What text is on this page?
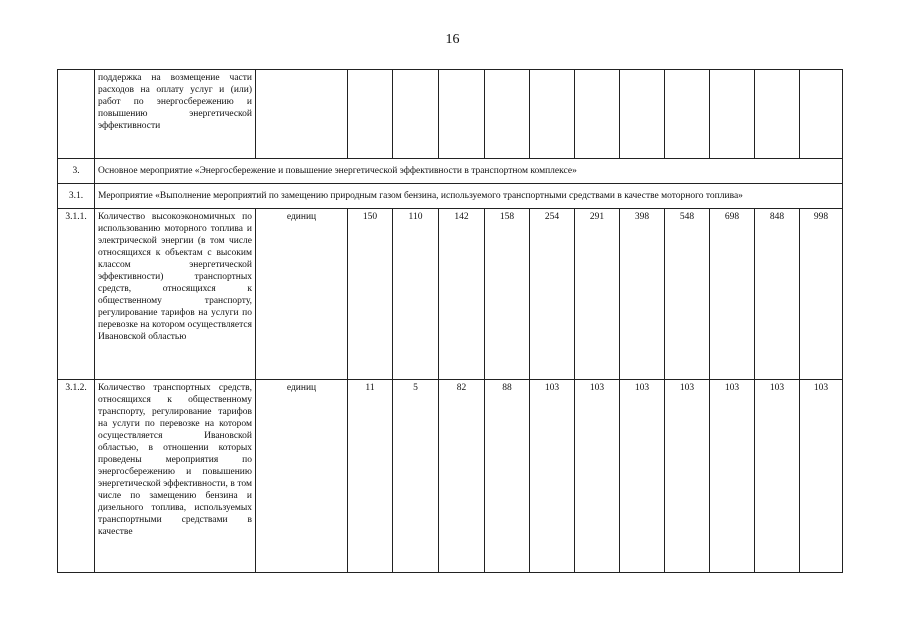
16
	поддержка на возмещение части расходов на оплату услуг и (или) работ по энергосбережению и повышению энергетической эффективности												
3.	Основное мероприятие «Энергосбережение и повышение энергетической эффективности в транспортном комплексе»												
3.1.	Мероприятие «Выполнение мероприятий по замещению природным газом бензина, используемого транспортными средствами в качестве моторного топлива»												
3.1.1.	Количество высокоэкономичных по использованию моторного топлива и электрической энергии (в том числе относящихся к объектам с высоким классом энергетической эффективности) транспортных средств, относящихся к общественному транспорту, регулирование тарифов на услуги по перевозке на котором осуществляется Ивановской областью	единиц	150	110	142	158	254	291	398	548	698	848	998
3.1.2.	Количество транспортных средств, относящихся к общественному транспорту, регулирование тарифов на услуги по перевозке на котором осуществляется Ивановской областью, в отношении которых проведены мероприятия по энергосбережению и повышению энергетической эффективности, в том числе по замещению бензина и дизельного топлива, используемых транспортными средствами в качестве	единиц	11	5	82	88	103	103	103	103	103	103	103
